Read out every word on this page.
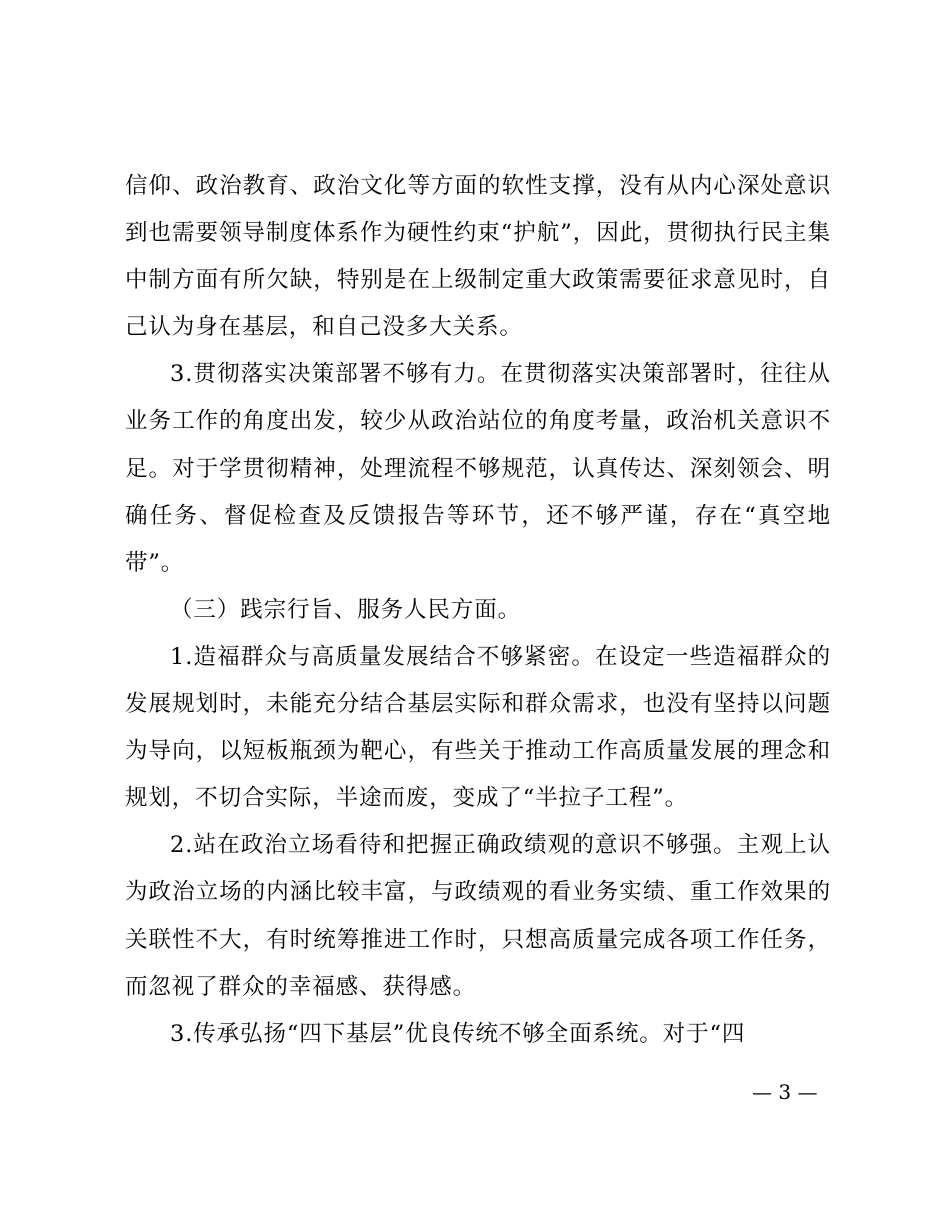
信仰、政治教育、政治文化等方面的软性支撑，没有从内心深处意识到也需要领导制度体系作为硬性约束“护航”，因此，贯彻执行民主集中制方面有所欠缺，特别是在上级制定重大政策需要征求意见时，自己认为身在基层，和自己没多大关系。

3.贯彻落实决策部署不够有力。在贯彻落实决策部署时，往往从业务工作的角度出发，较少从政治站位的角度考量，政治机关意识不足。对于学贯彻精神，处理流程不够规范，认真传达、深刻领会、明确任务、督促检查及反馈报告等环节，还不够严谨，存在“真空地带”。

（三）践宗行旨、服务人民方面。

1.造福群众与高质量发展结合不够紧密。在设定一些造福群众的发展规划时，未能充分结合基层实际和群众需求，也没有坚持以问题为导向，以短板瓶颈为靶心，有些关于推动工作高质量发展的理念和规划，不切合实际，半途而废，变成了“半拉子工程”。

2.站在政治立场看待和把握正确政绩观的意识不够强。主观上认为政治立场的内涵比较丰富，与政绩观的看业务实绩、重工作效果的关联性不大，有时统筹推进工作时，只想高质量完成各项工作任务，而忽视了群众的幸福感、获得感。

3.传承弘扬“四下基层”优良传统不够全面系统。对于“四

— 3 —
